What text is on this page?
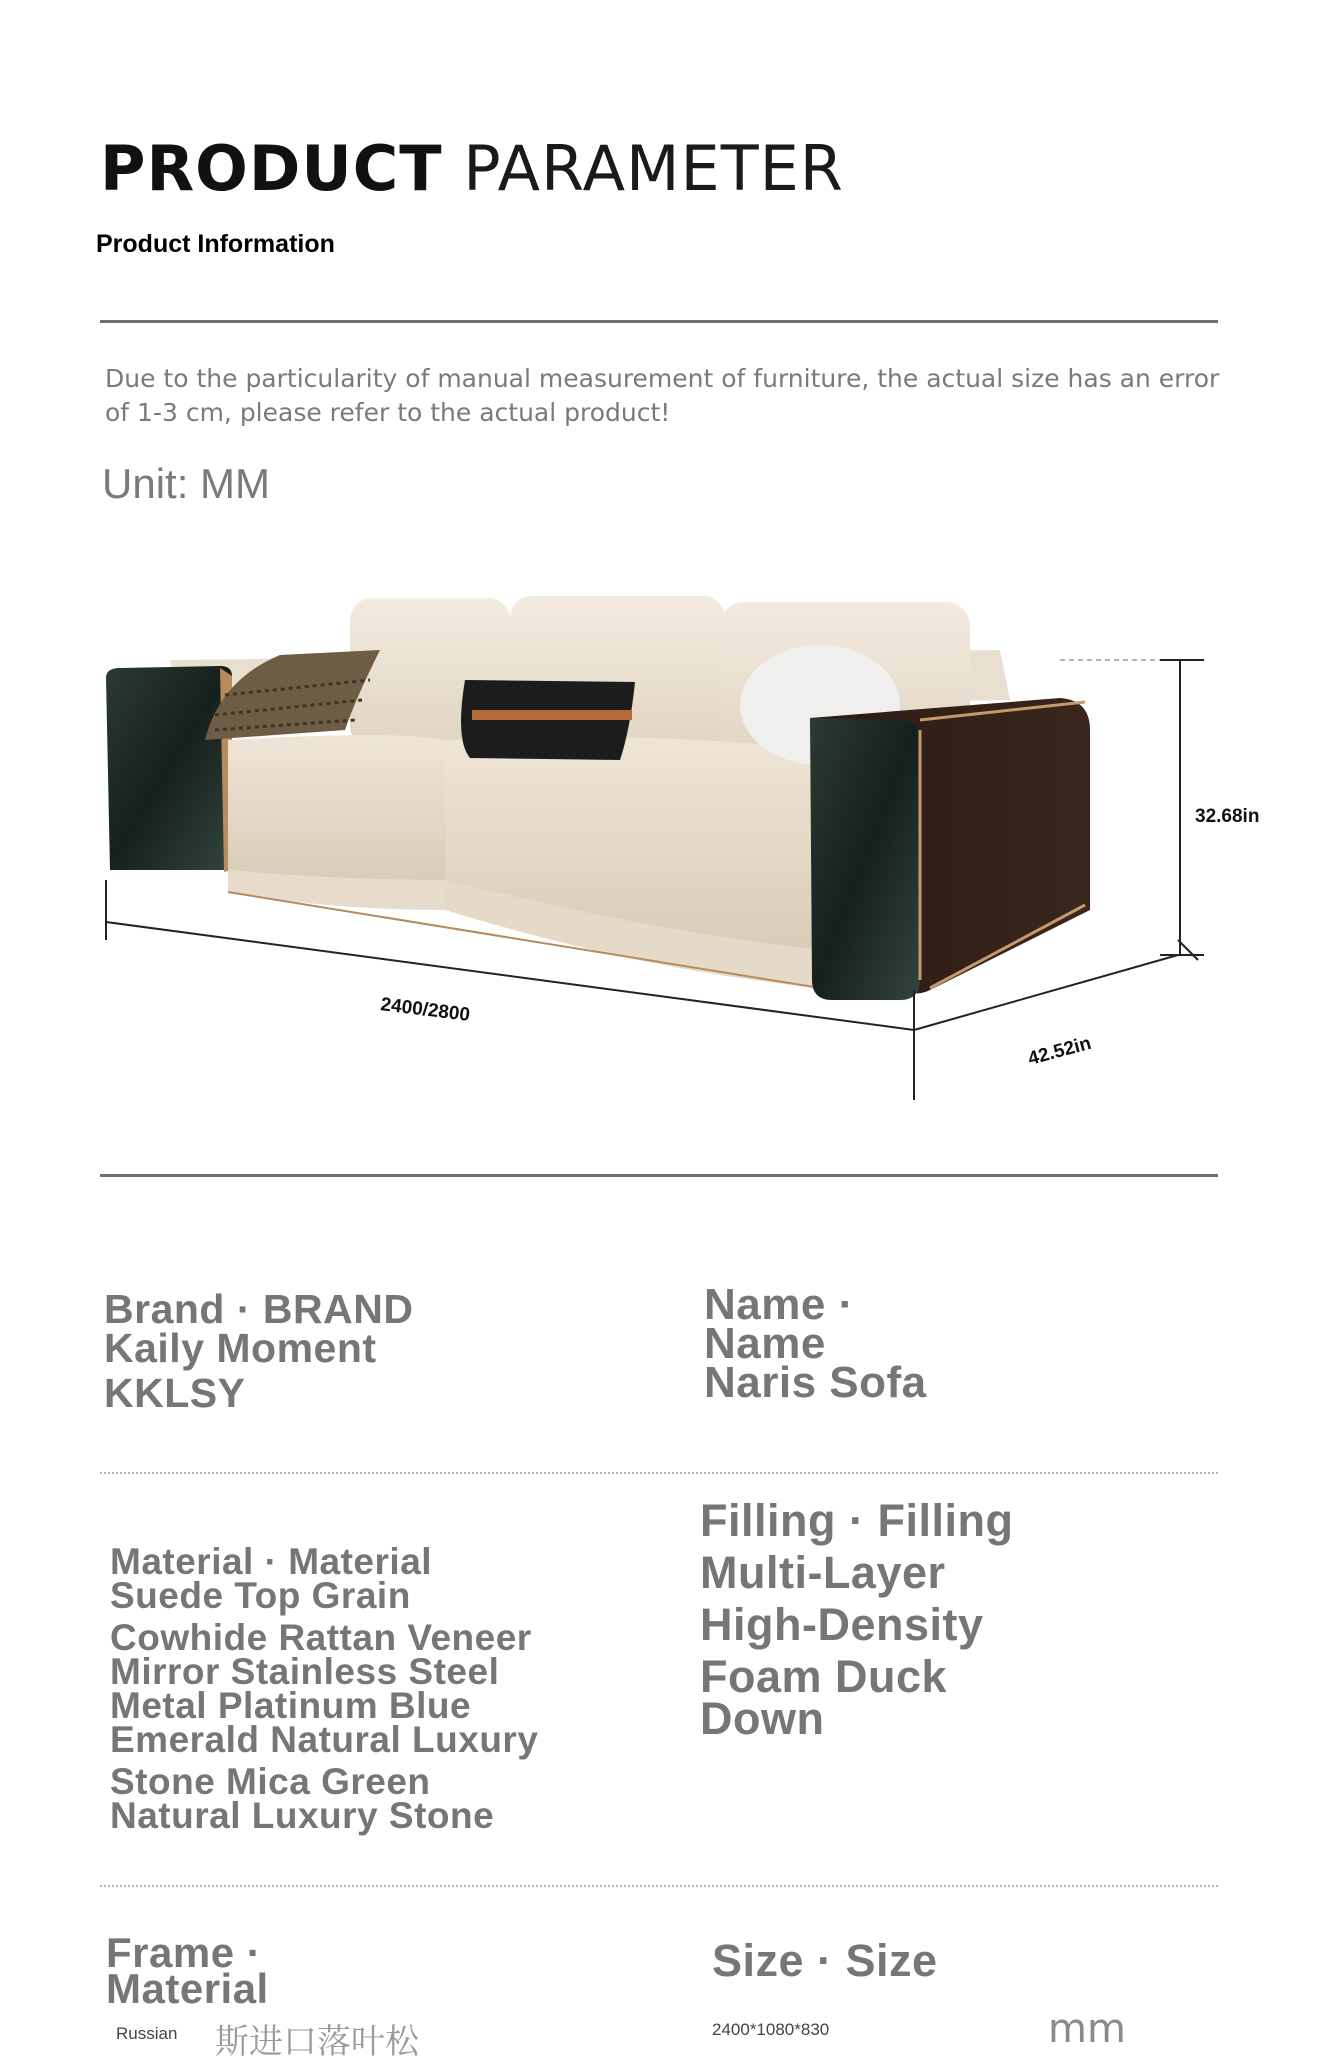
PRODUCT PARAMETER
Product Information
Due to the particularity of manual measurement of furniture, the actual size has an error of 1-3 cm, please refer to the actual product!
Unit: MM
2400/2800
42.52in
32.68in
Brand · BRAND
Kaily Moment
KKLSY
Name ·
Name
Naris Sofa
Material · Material
Suede Top Grain
Cowhide Rattan Veneer
Mirror Stainless Steel
Metal Platinum Blue
Emerald Natural Luxury
Stone Mica Green
Natural Luxury Stone
Filling · Filling
Multi-Layer
High-Density
Foam Duck
Down
Frame ·
Material
Russian 斯进口落叶松
Size · Size
2400*1080*830	mm
